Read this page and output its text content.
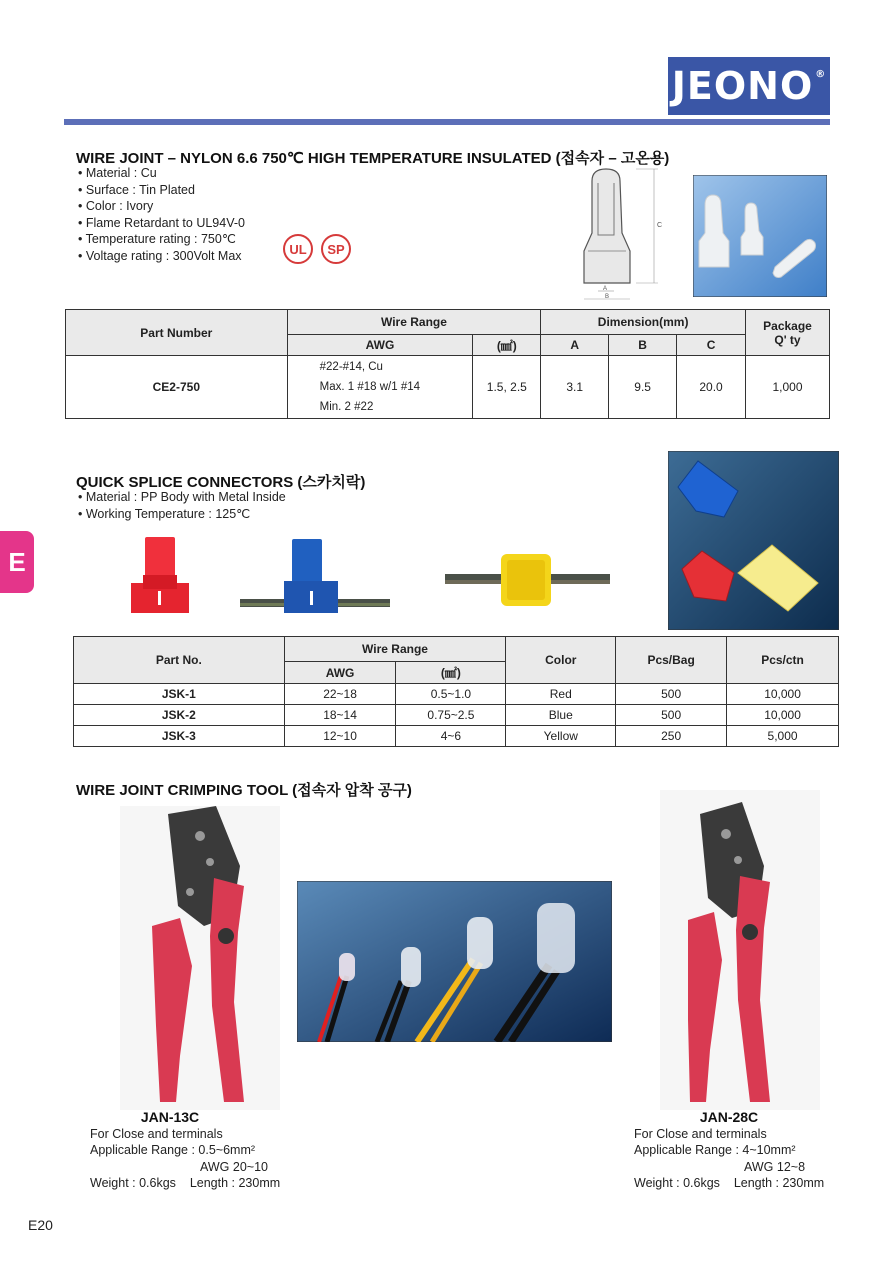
JEONO®
E
WIRE JOINT – NYLON 6.6 750℃ HIGH TEMPERATURE INSULATED (접속자 – 고온용)
• Material : Cu
• Surface : Tin Plated
• Color : Ivory
• Flame Retardant to UL94V-0
• Temperature rating : 750℃
• Voltage rating : 300Volt Max	UL SP
C
A
B
Part Number	Wire Range		Dimension(mm)			Package
Q' ty
	AWG	(㎟)	A	B	C	
CE2-750	#22-#14, Cu
Max. 1 #18 w/1 #14
Min. 2 #22	1.5, 2.5	3.1	9.5	20.0	1,000
QUICK SPLICE CONNECTORS (스카치락)
• Material : PP Body with Metal Inside
• Working Temperature : 125℃
Part No.	Wire Range		Color	Pcs/Bag	Pcs/ctn
	AWG	(㎟)			
JSK-1	22~18	0.5~1.0	Red	500	10,000
JSK-2	18~14	0.75~2.5	Blue	500	10,000
JSK-3	12~10	4~6	Yellow	250	5,000
WIRE JOINT CRIMPING TOOL (접속자 압착 공구)
JAN-13C
For Close and terminals
Applicable Range : 0.5~6mm²
AWG 20~10
Weight : 0.6kgs    Length : 230mm
JAN-28C
For Close and terminals
Applicable Range : 4~10mm²
AWG 12~8
Weight : 0.6kgs    Length : 230mm
E20
